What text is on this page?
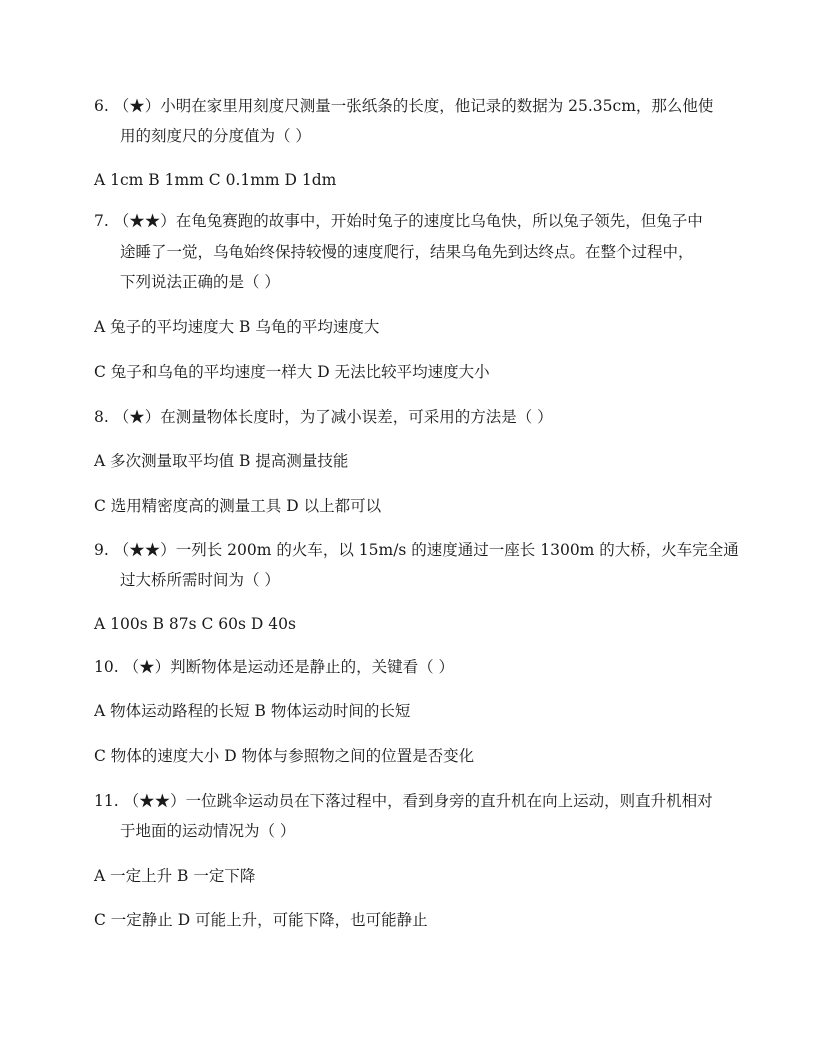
6. （★）小明在家里用刻度尺测量一张纸条的长度，他记录的数据为 25.35cm，那么他使
用的刻度尺的分度值为（ ）
A 1cm B 1mm C 0.1mm D 1dm
7. （★★）在龟兔赛跑的故事中，开始时兔子的速度比乌龟快，所以兔子领先，但兔子中
途睡了一觉，乌龟始终保持较慢的速度爬行，结果乌龟先到达终点。在整个过程中，
下列说法正确的是（ ）
A 兔子的平均速度大 B 乌龟的平均速度大
C 兔子和乌龟的平均速度一样大 D 无法比较平均速度大小
8. （★）在测量物体长度时，为了减小误差，可采用的方法是（ ）
A 多次测量取平均值 B 提高测量技能
C 选用精密度高的测量工具 D 以上都可以
9. （★★）一列长 200m 的火车，以 15m/s 的速度通过一座长 1300m 的大桥，火车完全通
过大桥所需时间为（ ）
A 100s B 87s C 60s D 40s
10. （★）判断物体是运动还是静止的，关键看（ ）
A 物体运动路程的长短 B 物体运动时间的长短
C 物体的速度大小 D 物体与参照物之间的位置是否变化
11. （★★）一位跳伞运动员在下落过程中，看到身旁的直升机在向上运动，则直升机相对
于地面的运动情况为（ ）
A 一定上升 B 一定下降
C 一定静止 D 可能上升，可能下降，也可能静止
